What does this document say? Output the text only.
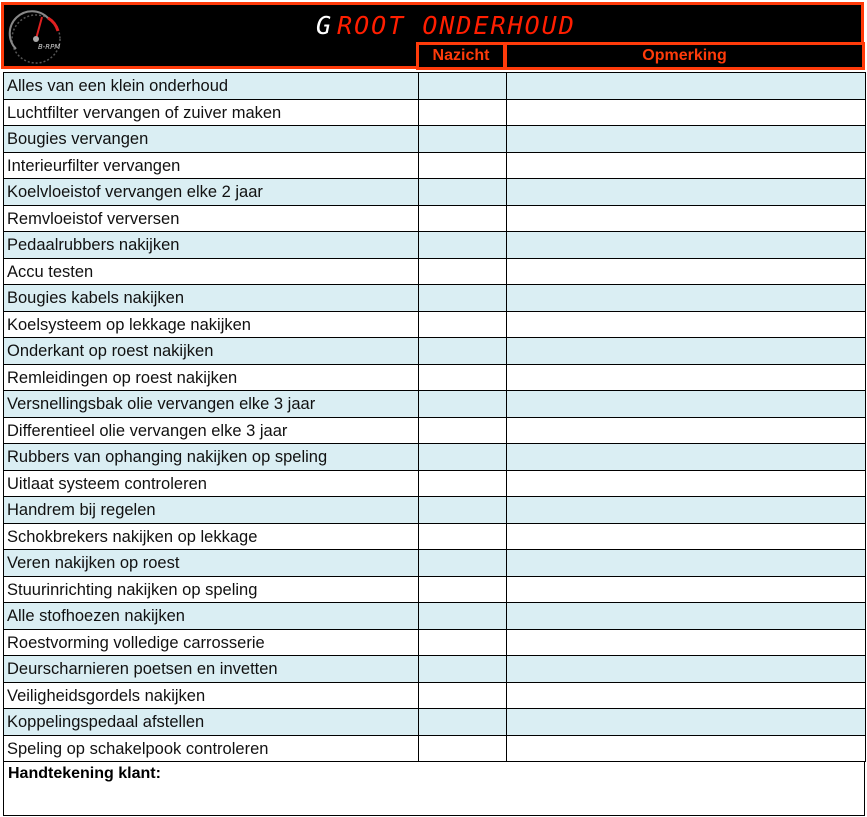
B-RPM
G ROOT ONDERHOUD
Nazicht	Opmerking
Alles van een klein onderhoud
Luchtfilter vervangen of zuiver maken
Bougies vervangen
Interieurfilter vervangen
Koelvloeistof vervangen elke 2 jaar
Remvloeistof verversen
Pedaalrubbers nakijken
Accu testen
Bougies kabels nakijken
Koelsysteem op lekkage nakijken
Onderkant op roest nakijken
Remleidingen op roest nakijken
Versnellingsbak olie vervangen elke 3 jaar
Differentieel olie vervangen elke 3 jaar
Rubbers van ophanging nakijken op speling
Uitlaat systeem controleren
Handrem bij regelen
Schokbrekers nakijken op lekkage
Veren nakijken op roest
Stuurinrichting nakijken op speling
Alle stofhoezen nakijken
Roestvorming volledige carrosserie
Deurscharnieren poetsen en invetten
Veiligheidsgordels nakijken
Koppelingspedaal afstellen
Speling op schakelpook controleren
Handtekening klant:
